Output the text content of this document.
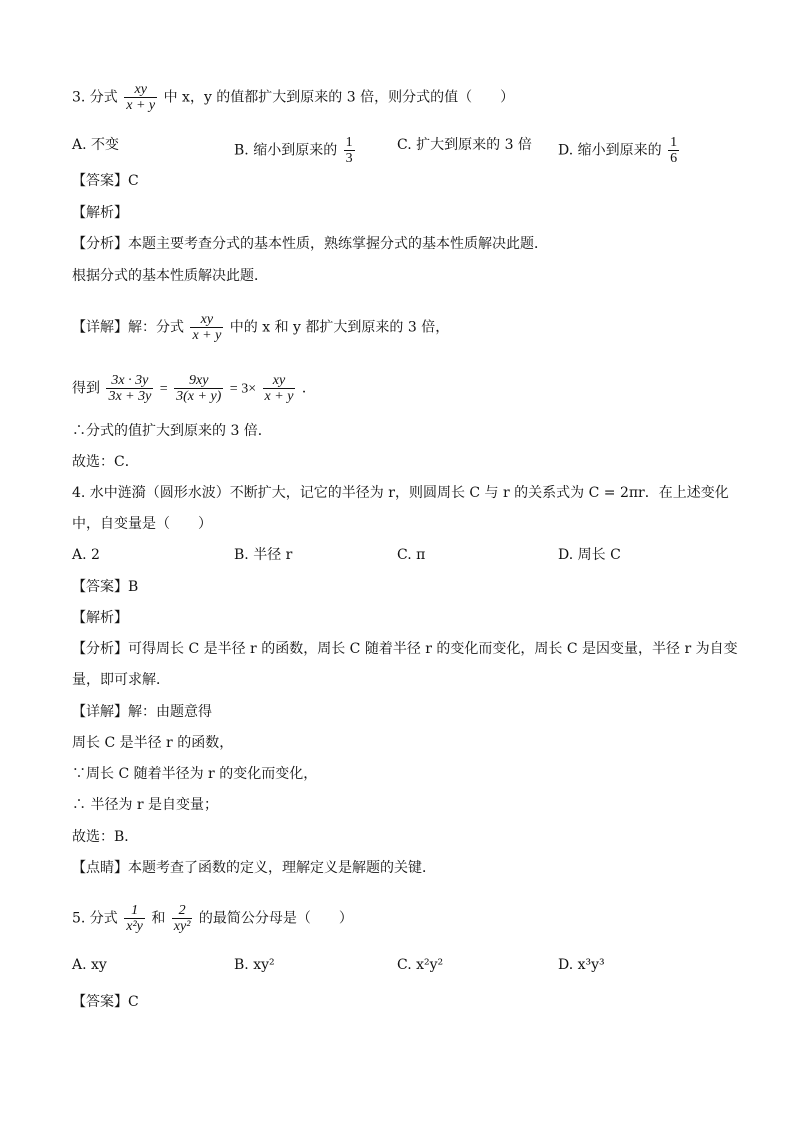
3. 分式 $\frac{xy}{x + y}$ 中 x，y 的值都扩大到原来的 3 倍，则分式的值（　　）
A. 不变	B. 缩小到原来的 $\frac{1}{3}$	C. 扩大到原来的 3 倍 D. 缩小到原来的 $\frac{1}{6}$
【答案】C
【解析】
【分析】本题主要考查分式的基本性质，熟练掌握分式的基本性质解决此题．
根据分式的基本性质解决此题．
【详解】解：分式 $\frac{xy}{x + y}$ 中的 x 和 y 都扩大到原来的 3 倍，
得到 $\frac{3x \cdot 3y}{3x + 3y} = \frac{9xy}{3(x + y)} = 3\times \frac{xy}{x + y}$ ．
∴分式的值扩大到原来的 3 倍．
故选：C．
4. 水中涟漪（圆形水波）不断扩大，记它的半径为 r，则圆周长 C 与 r 的关系式为 C = 2πr．在上述变化
中，自变量是（　　）
A. 2	B. 半径 r	C. π	D. 周长 C
【答案】B
【解析】
【分析】可得周长 C 是半径 r 的函数，周长 C 随着半径 r 的变化而变化，周长 C 是因变量，半径 r 为自变
量，即可求解．
【详解】解：由题意得
周长 C 是半径 r 的函数，
∵周长 C 随着半径为 r 的变化而变化，
∴ 半径为 r 是自变量；
故选：B．
【点睛】本题考查了函数的定义，理解定义是解题的关键．
5. 分式 $\frac{1}{\text{x²y}}$ 和 $\frac{2}{\text{xy²}}$ 的最简公分母是（　　）
A. xy	B. xy²	C. x²y²	D. x³y³
【答案】C
